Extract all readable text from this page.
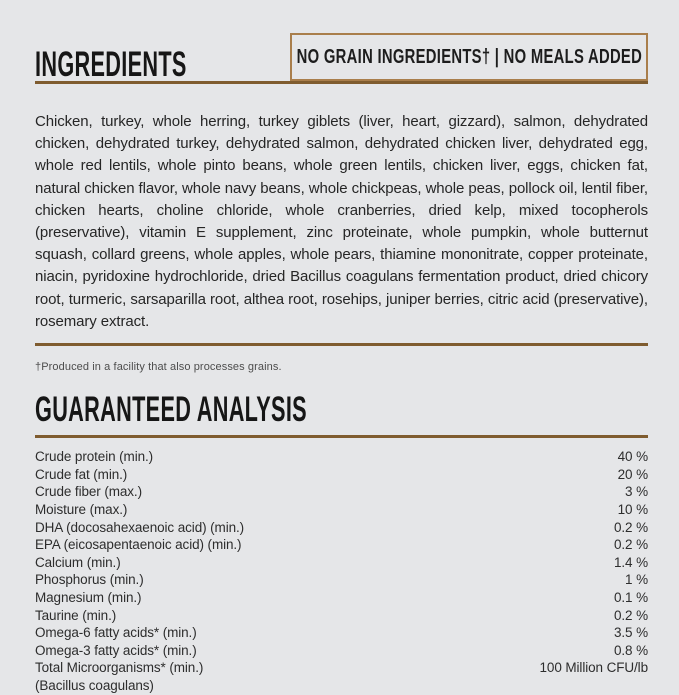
INGREDIENTS	NO GRAIN INGREDIENTS† | NO MEALS ADDED

Chicken, turkey, whole herring, turkey giblets (liver, heart, gizzard), salmon, dehydrated chicken, dehydrated turkey, dehydrated salmon, dehydrated chicken liver, dehydrated egg, whole red lentils, whole pinto beans, whole green lentils, chicken liver, eggs, chicken fat, natural chicken flavor, whole navy beans, whole chickpeas, whole peas, pollock oil, lentil fiber, chicken hearts, choline chloride, whole cranberries, dried kelp, mixed tocopherols (preservative), vitamin E supplement, zinc proteinate, whole pumpkin, whole butternut squash, collard greens, whole apples, whole pears, thiamine mononitrate, copper proteinate, niacin, pyridoxine hydrochloride, dried Bacillus coagulans fermentation product, dried chicory root, turmeric, sarsaparilla root, althea root, rosehips, juniper berries, citric acid (preservative), rosemary extract.

†Produced in a facility that also processes grains.
GUARANTEED ANALYSIS
Crude protein (min.)	40 %
Crude fat (min.)	20 %
Crude fiber (max.)	3 %
Moisture (max.)	10 %
DHA (docosahexaenoic acid) (min.)	0.2 %
EPA (eicosapentaenoic acid) (min.)	0.2 %
Calcium (min.)	1.4 %
Phosphorus (min.)	1 %
Magnesium (min.)	0.1 %
Taurine (min.)	0.2 %
Omega-6 fatty acids* (min.)	3.5 %
Omega-3 fatty acids* (min.)	0.8 %
Total Microorganisms* (min.)	100 Million CFU/lb
(Bacillus coagulans)
